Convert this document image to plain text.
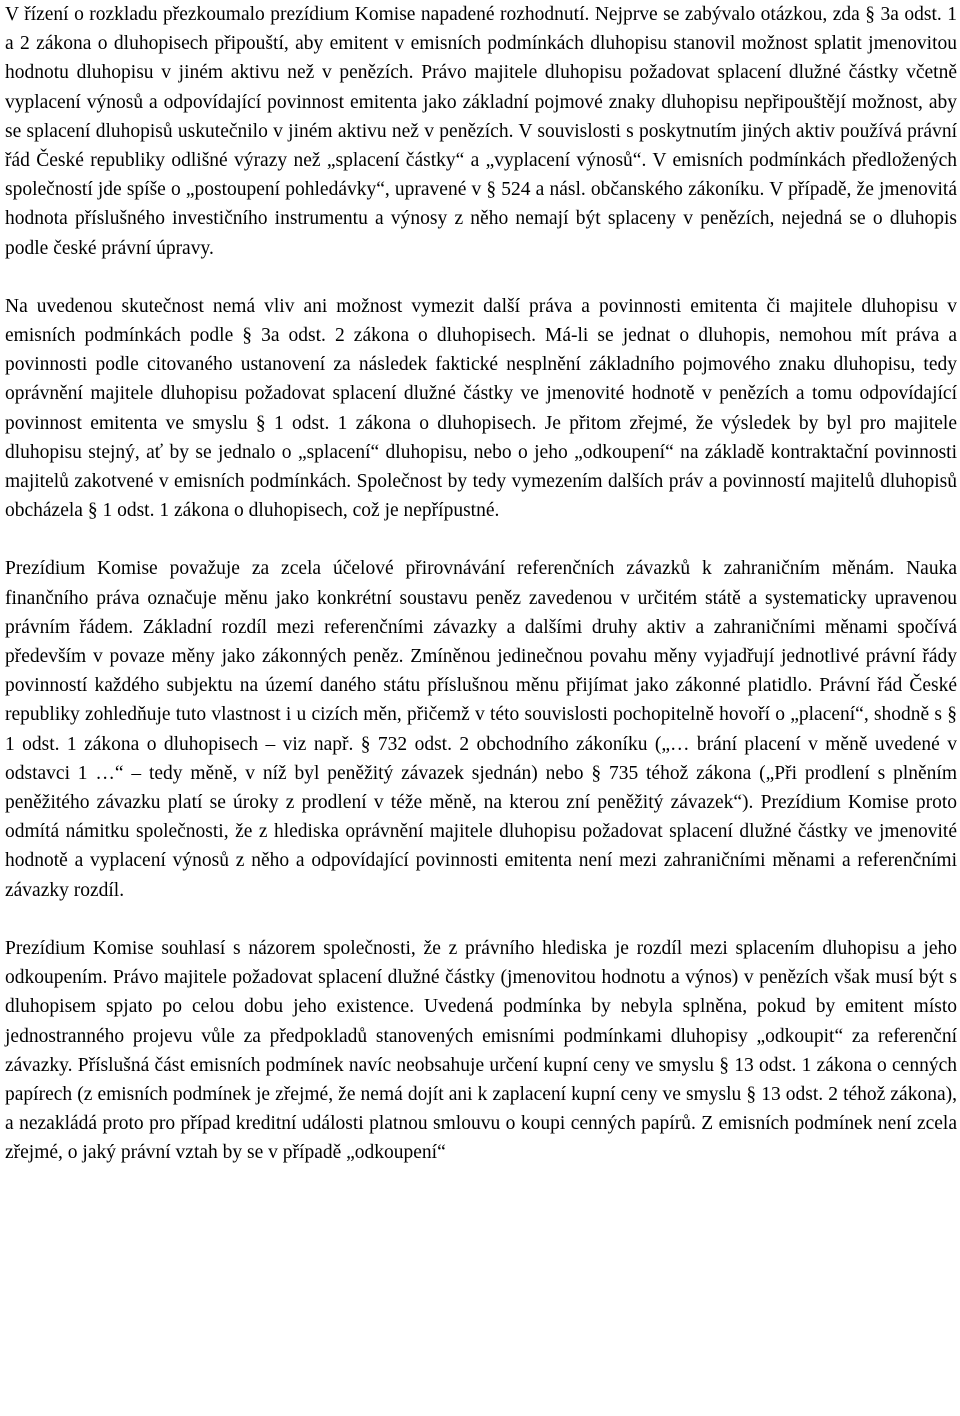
V řízení o rozkladu přezkoumalo prezídium Komise napadené rozhodnutí. Nejprve se zabývalo otázkou, zda § 3a odst. 1 a 2 zákona o dluhopisech připouští, aby emitent v emisních podmínkách dluhopisu stanovil možnost splatit jmenovitou hodnotu dluhopisu v jiném aktivu než v penězích. Právo majitele dluhopisu požadovat splacení dlužné částky včetně vyplacení výnosů a odpovídající povinnost emitenta jako základní pojmové znaky dluhopisu nepřipouštějí možnost, aby se splacení dluhopisů uskutečnilo v jiném aktivu než v penězích. V souvislosti s poskytnutím jiných aktiv používá právní řád České republiky odlišné výrazy než „splacení částky“ a „vyplacení výnosů“. V emisních podmínkách předložených společností jde spíše o „postoupení pohledávky“, upravené v § 524 a násl. občanského zákoníku. V případě, že jmenovitá hodnota příslušného investičního instrumentu a výnosy z něho nemají být splaceny v penězích, nejedná se o dluhopis podle české právní úpravy.

Na uvedenou skutečnost nemá vliv ani možnost vymezit další práva a povinnosti emitenta či majitele dluhopisu v emisních podmínkách podle § 3a odst. 2 zákona o dluhopisech. Má-li se jednat o dluhopis, nemohou mít práva a povinnosti podle citovaného ustanovení za následek faktické nesplnění základního pojmového znaku dluhopisu, tedy oprávnění majitele dluhopisu požadovat splacení dlužné částky ve jmenovité hodnotě v penězích a tomu odpovídající povinnost emitenta ve smyslu § 1 odst. 1 zákona o dluhopisech. Je přitom zřejmé, že výsledek by byl pro majitele dluhopisu stejný, ať by se jednalo o „splacení“ dluhopisu, nebo o jeho „odkoupení“ na základě kontraktační povinnosti majitelů zakotvené v emisních podmínkách. Společnost by tedy vymezením dalších práv a povinností majitelů dluhopisů obcházela § 1 odst. 1 zákona o dluhopisech, což je nepřípustné.

Prezídium Komise považuje za zcela účelové přirovnávání referenčních závazků k zahraničním měnám. Nauka finančního práva označuje měnu jako konkrétní soustavu peněz zavedenou v určitém státě a systematicky upravenou právním řádem. Základní rozdíl mezi referenčními závazky a dalšími druhy aktiv a zahraničními měnami spočívá především v povaze měny jako zákonných peněz. Zmíněnou jedinečnou povahu měny vyjadřují jednotlivé právní řády povinností každého subjektu na území daného státu příslušnou měnu přijímat jako zákonné platidlo. Právní řád České republiky zohledňuje tuto vlastnost i u cizích měn, přičemž v této souvislosti pochopitelně hovoří o „placení“, shodně s § 1 odst. 1 zákona o dluhopisech – viz např. § 732 odst. 2 obchodního zákoníku („… brání placení v měně uvedené v odstavci 1 …“ – tedy měně, v níž byl peněžitý závazek sjednán) nebo § 735 téhož zákona („Při prodlení s plněním peněžitého závazku platí se úroky z prodlení v téže měně, na kterou zní peněžitý závazek“). Prezídium Komise proto odmítá námitku společnosti, že z hlediska oprávnění majitele dluhopisu požadovat splacení dlužné částky ve jmenovité hodnotě a vyplacení výnosů z něho a odpovídající povinnosti emitenta není mezi zahraničními měnami a referenčními závazky rozdíl.

Prezídium Komise souhlasí s názorem společnosti, že z právního hlediska je rozdíl mezi splacením dluhopisu a jeho odkoupením. Právo majitele požadovat splacení dlužné částky (jmenovitou hodnotu a výnos) v penězích však musí být s dluhopisem spjato po celou dobu jeho existence. Uvedená podmínka by nebyla splněna, pokud by emitent místo jednostranného projevu vůle za předpokladů stanovených emisními podmínkami dluhopisy „odkoupit“ za referenční závazky. Příslušná část emisních podmínek navíc neobsahuje určení kupní ceny ve smyslu § 13 odst. 1 zákona o cenných papírech (z emisních podmínek je zřejmé, že nemá dojít ani k zaplacení kupní ceny ve smyslu § 13 odst. 2 téhož zákona), a nezakládá proto pro případ kreditní události platnou smlouvu o koupi cenných papírů. Z emisních podmínek není zcela zřejmé, o jaký právní vztah by se v případě „odkoupení“
